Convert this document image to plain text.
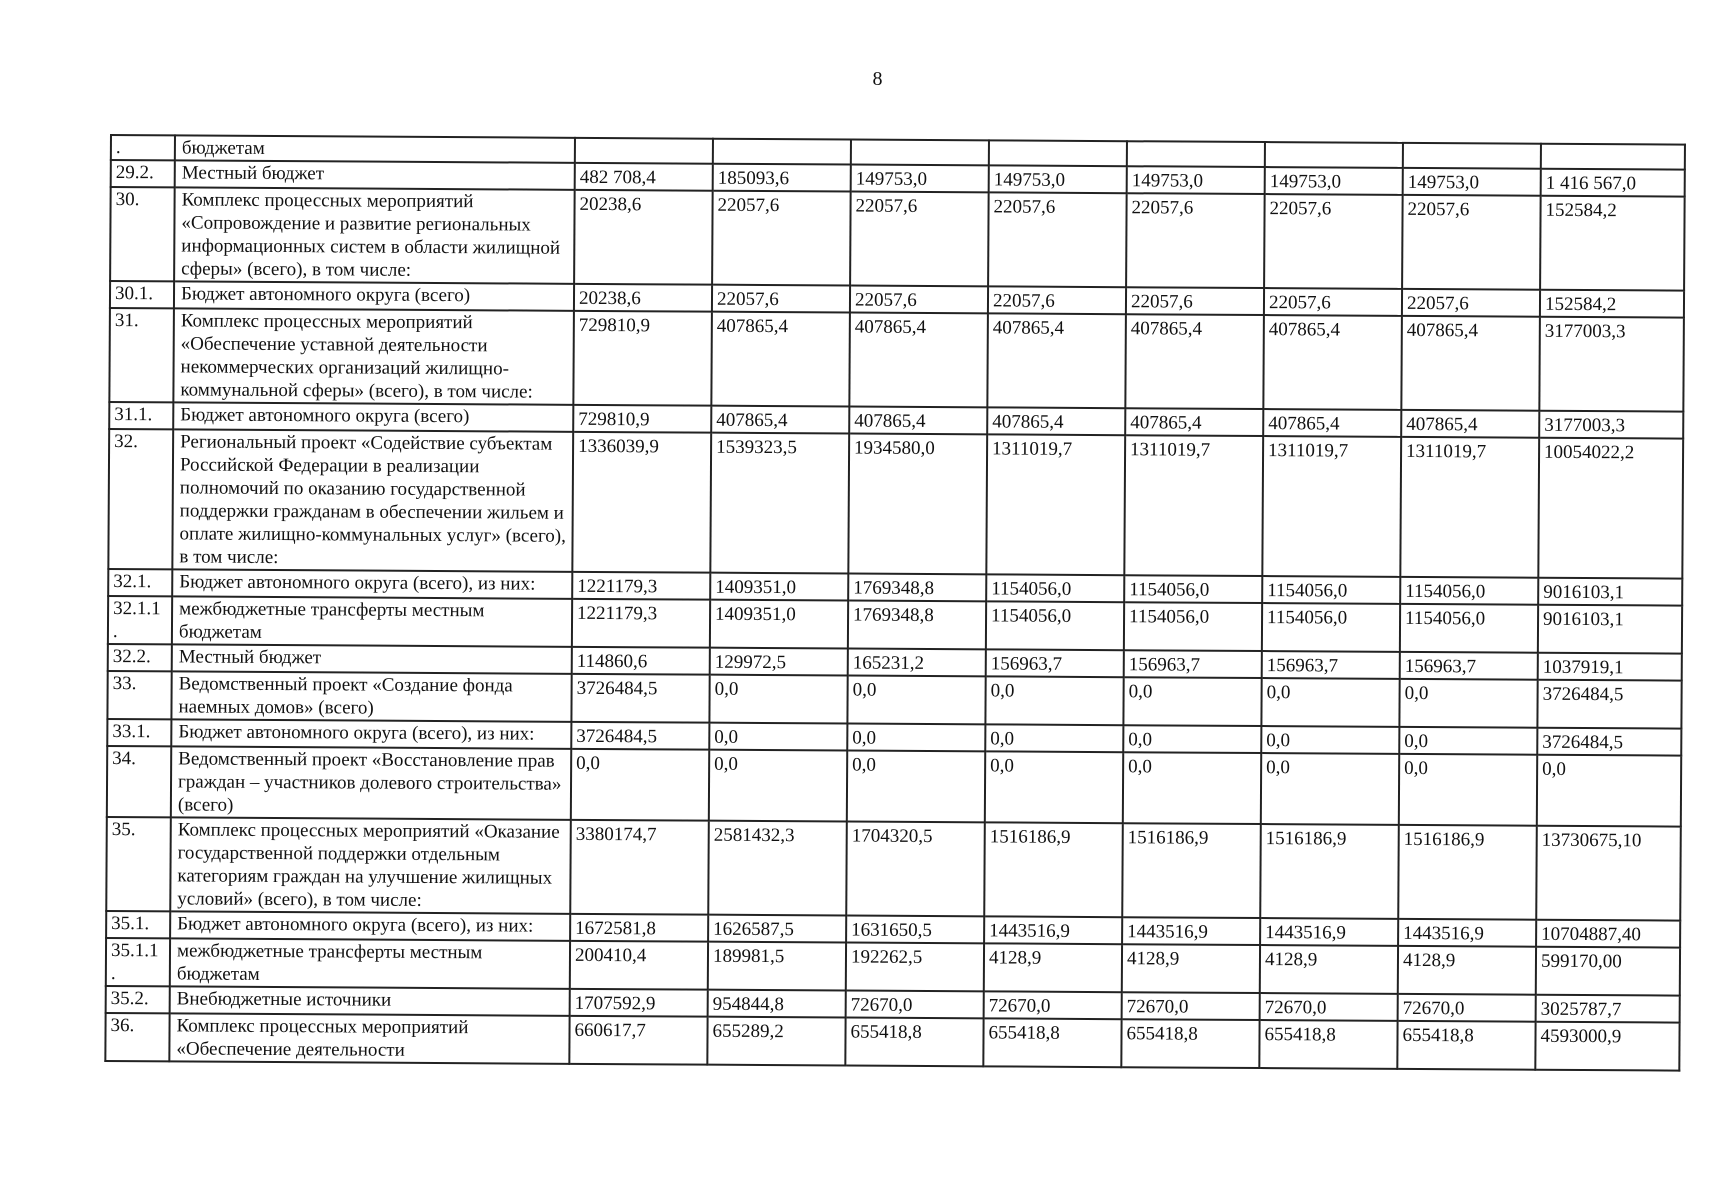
8
.	бюджетам								
29.2.	Местный бюджет	482 708,4	185093,6	149753,0	149753,0	149753,0	149753,0	149753,0	1 416 567,0
30.	Комплекс процессных мероприятий «Сопровождение и развитие региональных информационных систем в области жилищной сферы» (всего), в том числе:	20238,6	22057,6	22057,6	22057,6	22057,6	22057,6	22057,6	152584,2
30.1.	Бюджет автономного округа (всего)	20238,6	22057,6	22057,6	22057,6	22057,6	22057,6	22057,6	152584,2
31.	Комплекс процессных мероприятий «Обеспечение уставной деятельности некоммерческих организаций жилищно-коммунальной сферы» (всего), в том числе:	729810,9	407865,4	407865,4	407865,4	407865,4	407865,4	407865,4	3177003,3
31.1.	Бюджет автономного округа (всего)	729810,9	407865,4	407865,4	407865,4	407865,4	407865,4	407865,4	3177003,3
32.	Региональный проект «Содействие субъектам Российской Федерации в реализации полномочий по оказанию государственной поддержки гражданам в обеспечении жильем и оплате жилищно-коммунальных услуг» (всего), в том числе:	1336039,9	1539323,5	1934580,0	1311019,7	1311019,7	1311019,7	1311019,7	10054022,2
32.1.	Бюджет автономного округа (всего), из них:	1221179,3	1409351,0	1769348,8	1154056,0	1154056,0	1154056,0	1154056,0	9016103,1
32.1.1 .	межбюджетные трансферты местным бюджетам	1221179,3	1409351,0	1769348,8	1154056,0	1154056,0	1154056,0	1154056,0	9016103,1
32.2.	Местный бюджет	114860,6	129972,5	165231,2	156963,7	156963,7	156963,7	156963,7	1037919,1
33.	Ведомственный проект «Создание фонда наемных домов» (всего)	3726484,5	0,0	0,0	0,0	0,0	0,0	0,0	3726484,5
33.1.	Бюджет автономного округа (всего), из них:	3726484,5	0,0	0,0	0,0	0,0	0,0	0,0	3726484,5
34.	Ведомственный проект «Восстановление прав граждан – участников долевого строительства» (всего)	0,0	0,0	0,0	0,0	0,0	0,0	0,0	0,0
35.	Комплекс процессных мероприятий «Оказание государственной поддержки отдельным категориям граждан на улучшение жилищных условий» (всего), в том числе:	3380174,7	2581432,3	1704320,5	1516186,9	1516186,9	1516186,9	1516186,9	13730675,10
35.1.	Бюджет автономного округа (всего), из них:	1672581,8	1626587,5	1631650,5	1443516,9	1443516,9	1443516,9	1443516,9	10704887,40
35.1.1 .	межбюджетные трансферты местным бюджетам	200410,4	189981,5	192262,5	4128,9	4128,9	4128,9	4128,9	599170,00
35.2.	Внебюджетные источники	1707592,9	954844,8	72670,0	72670,0	72670,0	72670,0	72670,0	3025787,7
36.	Комплекс процессных мероприятий «Обеспечение деятельности	660617,7	655289,2	655418,8	655418,8	655418,8	655418,8	655418,8	4593000,9
